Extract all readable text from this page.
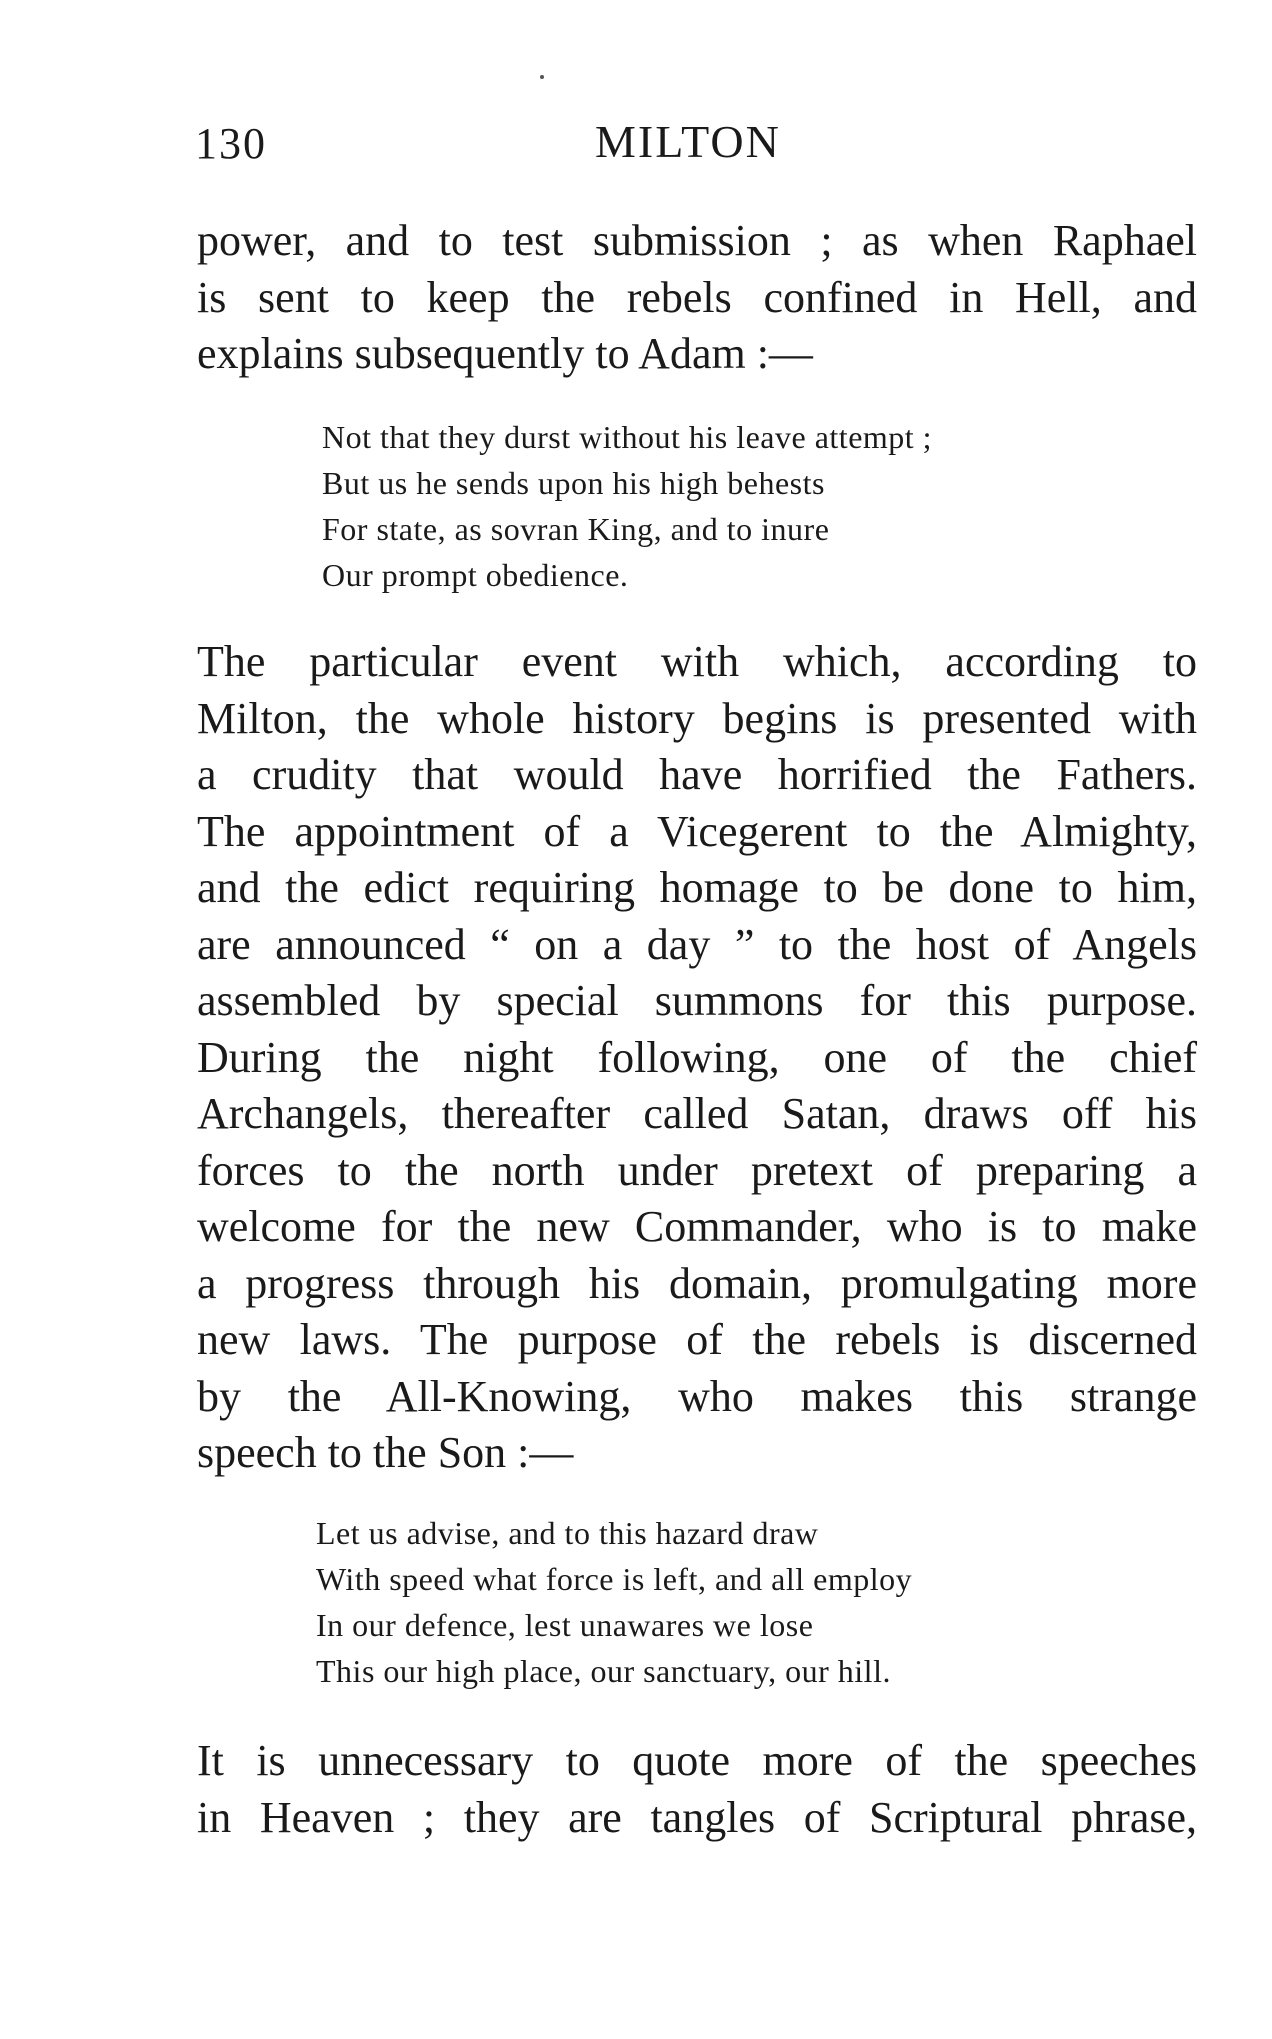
130	MILTON
power, and to test submission ; as when Raphael
is sent to keep the rebels confined in Hell, and
explains subsequently to Adam :—
Not that they durst without his leave attempt ;
But us he sends upon his high behests
For state, as sovran King, and to inure
Our prompt obedience.
The particular event with which, according to
Milton, the whole history begins is presented with
a crudity that would have horrified the Fathers.
The appointment of a Vicegerent to the Almighty,
and the edict requiring homage to be done to him,
are announced “ on a day ” to the host of Angels
assembled by special summons for this purpose.
During the night following, one of the chief
Archangels, thereafter called Satan, draws off his
forces to the north under pretext of preparing a
welcome for the new Commander, who is to make
a progress through his domain, promulgating more
new laws. The purpose of the rebels is discerned
by the All-Knowing, who makes this strange
speech to the Son :—
Let us advise, and to this hazard draw
With speed what force is left, and all employ
In our defence, lest unawares we lose
This our high place, our sanctuary, our hill.
It is unnecessary to quote more of the speeches
in Heaven ; they are tangles of Scriptural phrase,
